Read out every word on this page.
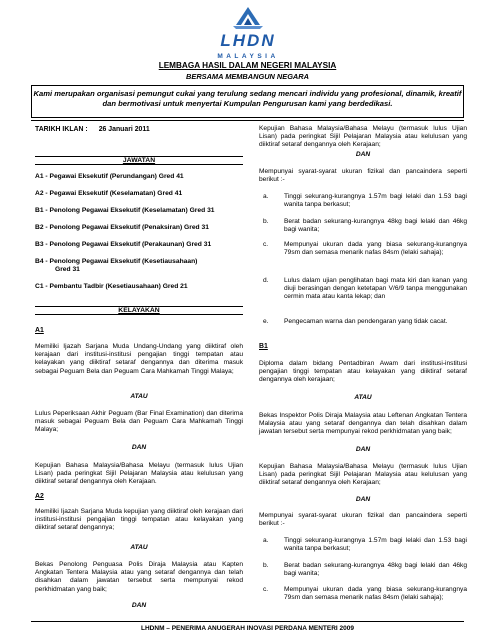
LHDN
MALAYSIA
LEMBAGA HASIL DALAM NEGERI MALAYSIA
BERSAMA MEMBANGUN NEGARA
Kami merupakan organisasi pemungut cukai yang terulung sedang mencari individu yang profesional, dinamik, kreatif dan bermotivasi untuk menyertai Kumpulan Pengurusan kami yang berdedikasi.
TARIKH IKLAN : 26 Januari 2011
JAWATAN
A1 - Pegawai Eksekutif (Perundangan) Gred 41
A2 - Pegawai Eksekutif (Keselamatan) Gred 41
B1 - Penolong Pegawai Eksekutif (Keselamatan) Gred 31
B2 - Penolong Pegawai Eksekutif (Penaksiran) Gred 31
B3 - Penolong Pegawai Eksekutif (Perakaunan) Gred 31
B4 - Penolong Pegawai Eksekutif (Kesetiausahaan)
Gred 31
C1 - Pembantu Tadbir (Kesetiausahaan) Gred 21
KELAYAKAN
A1
Memiliki Ijazah Sarjana Muda Undang-Undang yang diiktiraf oleh kerajaan dari institusi-institusi pengajian tinggi tempatan atau kelayakan yang diiktiraf setaraf dengannya dan diterima masuk sebagai Peguam Bela dan Peguam Cara Mahkamah Tinggi Malaya;
ATAU
Lulus Peperiksaan Akhir Peguam (Bar Final Examination) dan diterima masuk sebagai Peguam Bela dan Peguam Cara Mahkamah Tinggi Malaya;
DAN
Kepujian Bahasa Malaysia/Bahasa Melayu (termasuk lulus Ujian Lisan) pada peringkat Sijil Pelajaran Malaysia atau kelulusan yang diiktiraf setaraf dengannya oleh Kerajaan.
A2
Memiliki Ijazah Sarjana Muda kepujian yang diiktiraf oleh kerajaan dari institusi-institusi pengajian tinggi tempatan atau kelayakan yang diiktiraf setaraf dengannya;
ATAU
Bekas Penolong Penguasa Polis Diraja Malaysia atau Kapten Angkatan Tentera Malaysia atau yang setaraf dengannya dan telah disahkan dalam jawatan tersebut serta mempunyai rekod perkhidmatan yang baik;
DAN
Kepujian Bahasa Malaysia/Bahasa Melayu (termasuk lulus Ujian Lisan) pada peringkat Sijil Pelajaran Malaysia atau kelulusan yang diiktiraf setaraf dengannya oleh Kerajaan;
DAN
Mempunyai syarat-syarat ukuran fizikal dan pancaindera seperti berikut :-
a. Tinggi sekurang-kurangnya 1.57m bagi lelaki dan 1.53 bagi wanita tanpa berkasut;
b. Berat badan sekurang-kurangnya 48kg bagi lelaki dan 46kg bagi wanita;
c. Mempunyai ukuran dada yang biasa sekurang-kurangnya 79sm dan semasa menarik nafas 84sm (lelaki sahaja);
d. Lulus dalam ujian penglihatan bagi mata kiri dan kanan yang diuji berasingan dengan ketetapan V/6/9 tanpa menggunakan cermin mata atau kanta lekap; dan
e. Pengecaman warna dan pendengaran yang tidak cacat.
B1
Diploma dalam bidang Pentadbiran Awam dari institusi-institusi pengajian tinggi tempatan atau kelayakan yang diiktiraf setaraf dengannya oleh kerajaan;
ATAU
Bekas Inspektor Polis Diraja Malaysia atau Leftenan Angkatan Tentera Malaysia atau yang setaraf dengannya dan telah disahkan dalam jawatan tersebut serta mempunyai rekod perkhidmatan yang baik;
DAN
Kepujian Bahasa Malaysia/Bahasa Melayu (termasuk lulus Ujian Lisan) pada peringkat Sijil Pelajaran Malaysia atau kelulusan yang diiktiraf setaraf dengannya oleh Kerajaan;
DAN
Mempunyai syarat-syarat ukuran fizikal dan pancaindera seperti berikut :-
a. Tinggi sekurang-kurangnya 1.57m bagi lelaki dan 1.53 bagi wanita tanpa berkasut;
b. Berat badan sekurang-kurangnya 48kg bagi lelaki dan 46kg bagi wanita;
c. Mempunyai ukuran dada yang biasa sekurang-kurangnya 79sm dan semasa menarik nafas 84sm (lelaki sahaja);
LHDNM – PENERIMA ANUGERAH INOVASI PERDANA MENTERI 2009
